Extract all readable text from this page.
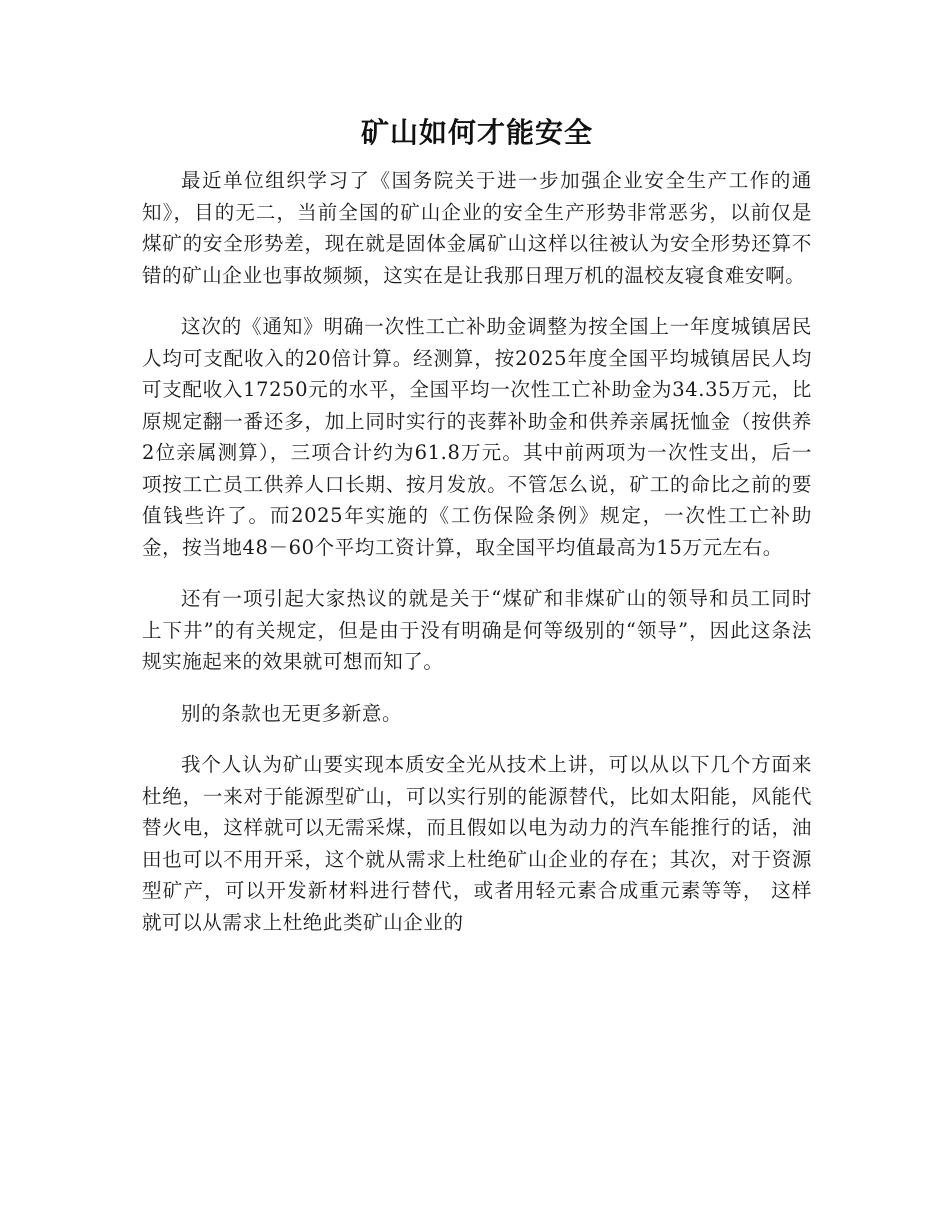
矿山如何才能安全

最近单位组织学习了《国务院关于进一步加强企业安全生产工作的通知》，目的无二，当前全国的矿山企业的安全生产形势非常恶劣，以前仅是煤矿的安全形势差，现在就是固体金属矿山这样以往被认为安全形势还算不错的矿山企业也事故频频，这实在是让我那日理万机的温校友寝食难安啊。

这次的《通知》明确一次性工亡补助金调整为按全国上一年度城镇居民人均可支配收入的20倍计算。经测算，按2025年度全国平均城镇居民人均可支配收入17250元的水平，全国平均一次性工亡补助金为34.35万元，比原规定翻一番还多，加上同时实行的丧葬补助金和供养亲属抚恤金（按供养2位亲属测算），三项合计约为61.8万元。其中前两项为一次性支出，后一项按工亡员工供养人口长期、按月发放。不管怎么说，矿工的命比之前的要值钱些许了。而2025年实施的《工伤保险条例》规定，一次性工亡补助金，按当地48－60个平均工资计算，取全国平均值最高为15万元左右。

还有一项引起大家热议的就是关于“煤矿和非煤矿山的领导和员工同时上下井”的有关规定，但是由于没有明确是何等级别的“领导”，因此这条法规实施起来的效果就可想而知了。

别的条款也无更多新意。

我个人认为矿山要实现本质安全光从技术上讲，可以从以下几个方面来杜绝，一来对于能源型矿山，可以实行别的能源替代，比如太阳能，风能代替火电，这样就可以无需采煤，而且假如以电为动力的汽车能推行的话，油田也可以不用开采，这个就从需求上杜绝矿山企业的存在；其次，对于资源型矿产，可以开发新材料进行替代，或者用轻元素合成重元素等等， 这样就可以从需求上杜绝此类矿山企业的
